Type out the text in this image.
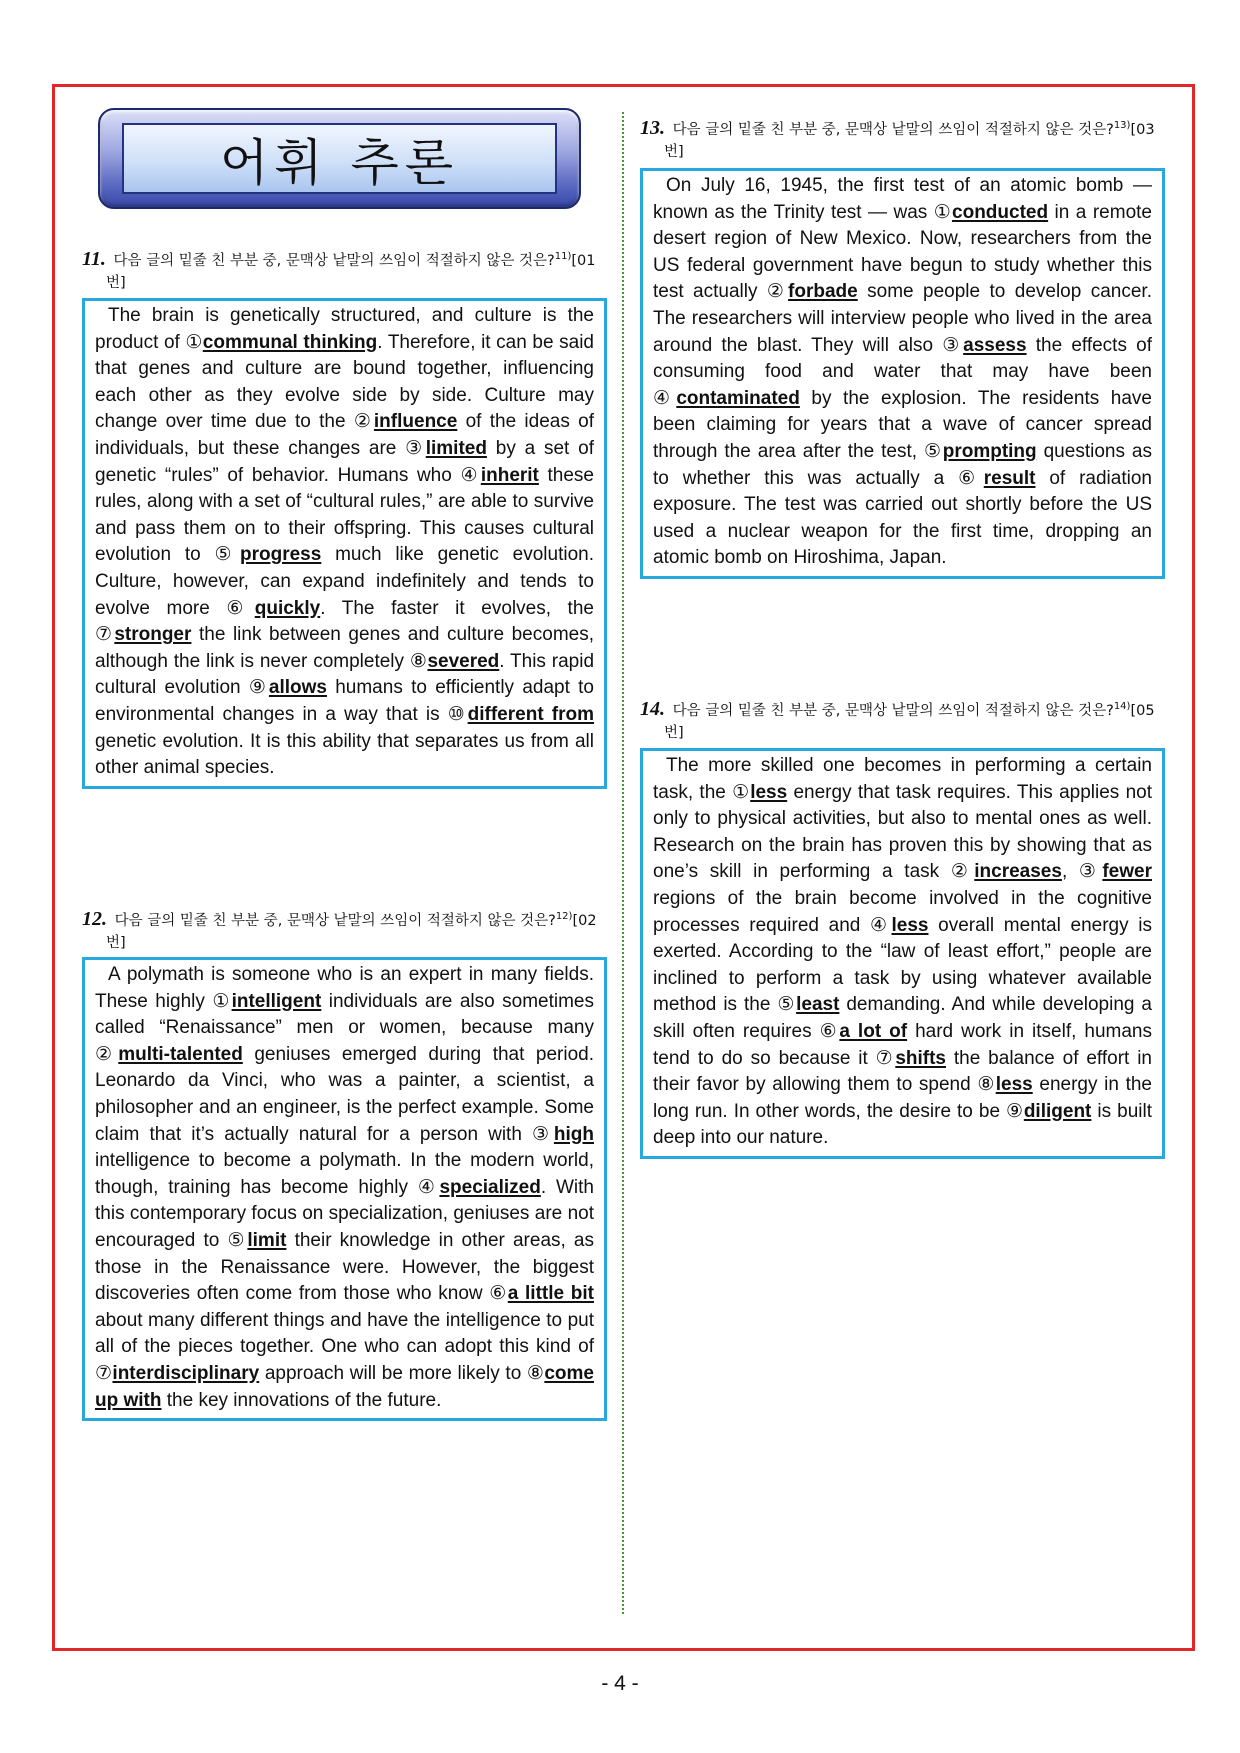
어휘 추론
11. 다음 글의 밑줄 친 부분 중, 문맥상 낱말의 쓰임이 적절하지 않은 것은?$^{11)}$[01번]
The brain is genetically structured, and culture is the product of ①communal thinking. Therefore, it can be said that genes and culture are bound together, influencing each other as they evolve side by side. Culture may change over time due to the ②influence of the ideas of individuals, but these changes are ③limited by a set of genetic “rules” of behavior. Humans who ④inherit these rules, along with a set of “cultural rules,” are able to survive and pass them on to their offspring. This causes cultural evolution to ⑤progress much like genetic evolution. Culture, however, can expand indefinitely and tends to evolve more ⑥quickly. The faster it evolves, the ⑦stronger the link between genes and culture becomes, although the link is never completely ⑧severed. This rapid cultural evolution ⑨allows humans to efficiently adapt to environmental changes in a way that is ⑩different from genetic evolution. It is this ability that separates us from all other animal species.
12. 다음 글의 밑줄 친 부분 중, 문맥상 낱말의 쓰임이 적절하지 않은 것은?$^{12)}$[02번]
A polymath is someone who is an expert in many fields. These highly ①intelligent individuals are also sometimes called “Renaissance” men or women, because many ②multi-talented geniuses emerged during that period. Leonardo da Vinci, who was a painter, a scientist, a philosopher and an engineer, is the perfect example. Some claim that it’s actually natural for a person with ③high intelligence to become a polymath. In the modern world, though, training has become highly ④specialized. With this contemporary focus on specialization, geniuses are not encouraged to ⑤limit their knowledge in other areas, as those in the Renaissance were. However, the biggest discoveries often come from those who know ⑥a little bit about many different things and have the intelligence to put all of the pieces together. One who can adopt this kind of ⑦interdisciplinary approach will be more likely to ⑧come up with the key innovations of the future.
13. 다음 글의 밑줄 친 부분 중, 문맥상 낱말의 쓰임이 적절하지 않은 것은?$^{13)}$[03번]
On July 16, 1945, the first test of an atomic bomb — known as the Trinity test — was ①conducted in a remote desert region of New Mexico. Now, researchers from the US federal government have begun to study whether this test actually ②forbade some people to develop cancer. The researchers will interview people who lived in the area around the blast. They will also ③assess the effects of consuming food and water that may have been ④contaminated by the explosion. The residents have been claiming for years that a wave of cancer spread through the area after the test, ⑤prompting questions as to whether this was actually a ⑥result of radiation exposure. The test was carried out shortly before the US used a nuclear weapon for the first time, dropping an atomic bomb on Hiroshima, Japan.
14. 다음 글의 밑줄 친 부분 중, 문맥상 낱말의 쓰임이 적절하지 않은 것은?$^{14)}$[05번]
The more skilled one becomes in performing a certain task, the ①less energy that task requires. This applies not only to physical activities, but also to mental ones as well. Research on the brain has proven this by showing that as one’s skill in performing a task ②increases, ③fewer regions of the brain become involved in the cognitive processes required and ④less overall mental energy is exerted. According to the “law of least effort,” people are inclined to perform a task by using whatever available method is the ⑤least demanding. And while developing a skill often requires ⑥a lot of hard work in itself, humans tend to do so because it ⑦shifts the balance of effort in their favor by allowing them to spend ⑧less energy in the long run. In other words, the desire to be ⑨diligent is built deep into our nature.
- 4 -
